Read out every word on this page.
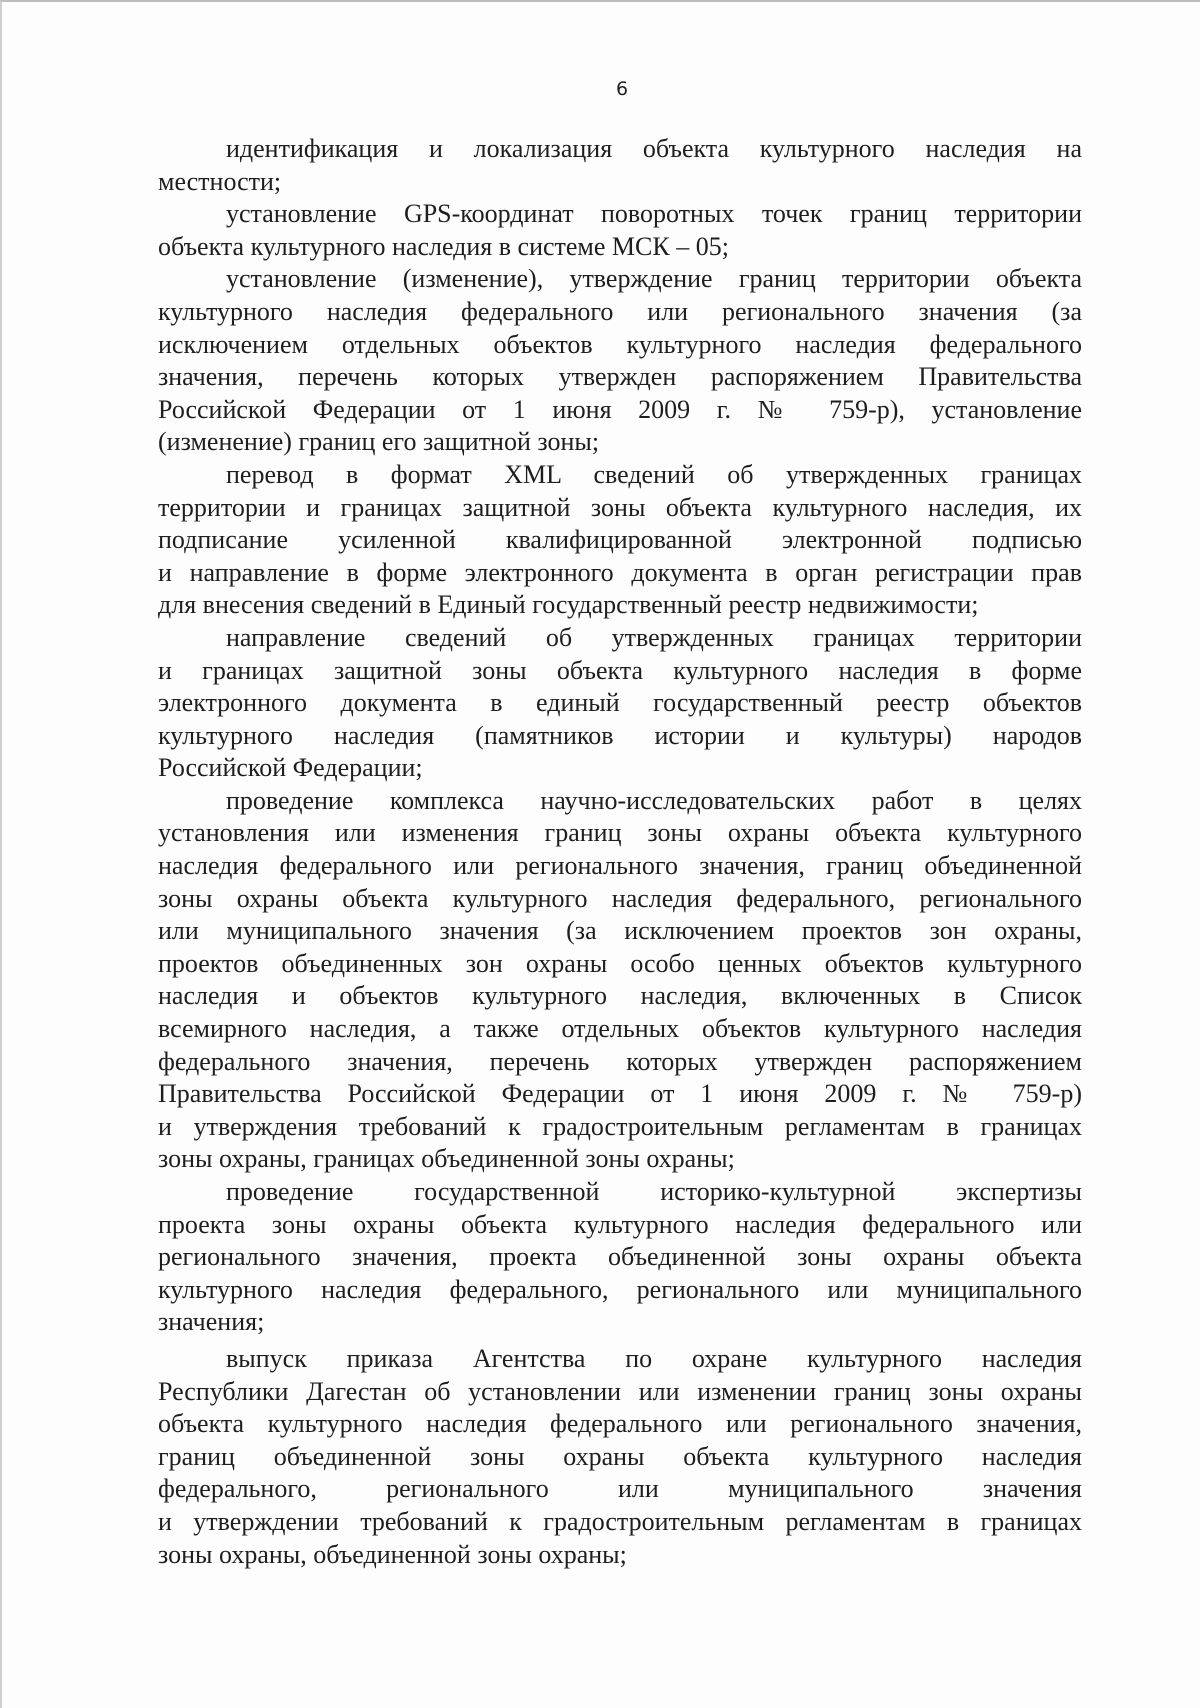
6

идентификация и локализация объекта культурного наследия на
местности;

установление GPS-координат поворотных точек границ территории
объекта культурного наследия в системе МСК – 05;

установление (изменение), утверждение границ территории объекта
культурного наследия федерального или регионального значения (за
исключением отдельных объектов культурного наследия федерального
значения, перечень которых утвержден распоряжением Правительства
Российской Федерации от 1 июня 2009 г. № 759-р), установление
(изменение) границ его защитной зоны;

перевод в формат XML сведений об утвержденных границах
территории и границах защитной зоны объекта культурного наследия, их
подписание усиленной квалифицированной электронной подписью
и направление в форме электронного документа в орган регистрации прав
для внесения сведений в Единый государственный реестр недвижимости;

направление сведений об утвержденных границах территории
и границах защитной зоны объекта культурного наследия в форме
электронного документа в единый государственный реестр объектов
культурного наследия (памятников истории и культуры) народов
Российской Федерации;

проведение комплекса научно-исследовательских работ в целях
установления или изменения границ зоны охраны объекта культурного
наследия федерального или регионального значения, границ объединенной
зоны охраны объекта культурного наследия федерального, регионального
или муниципального значения (за исключением проектов зон охраны,
проектов объединенных зон охраны особо ценных объектов культурного
наследия и объектов культурного наследия, включенных в Список
всемирного наследия, а также отдельных объектов культурного наследия
федерального значения, перечень которых утвержден распоряжением
Правительства Российской Федерации от 1 июня 2009 г. № 759-р)
и утверждения требований к градостроительным регламентам в границах
зоны охраны, границах объединенной зоны охраны;

проведение государственной историко-культурной экспертизы
проекта зоны охраны объекта культурного наследия федерального или
регионального значения, проекта объединенной зоны охраны объекта
культурного наследия федерального, регионального или муниципального
значения;

выпуск приказа Агентства по охране культурного наследия
Республики Дагестан об установлении или изменении границ зоны охраны
объекта культурного наследия федерального или регионального значения,
границ объединенной зоны охраны объекта культурного наследия
федерального, регионального или муниципального значения
и утверждении требований к градостроительным регламентам в границах
зоны охраны, объединенной зоны охраны;
